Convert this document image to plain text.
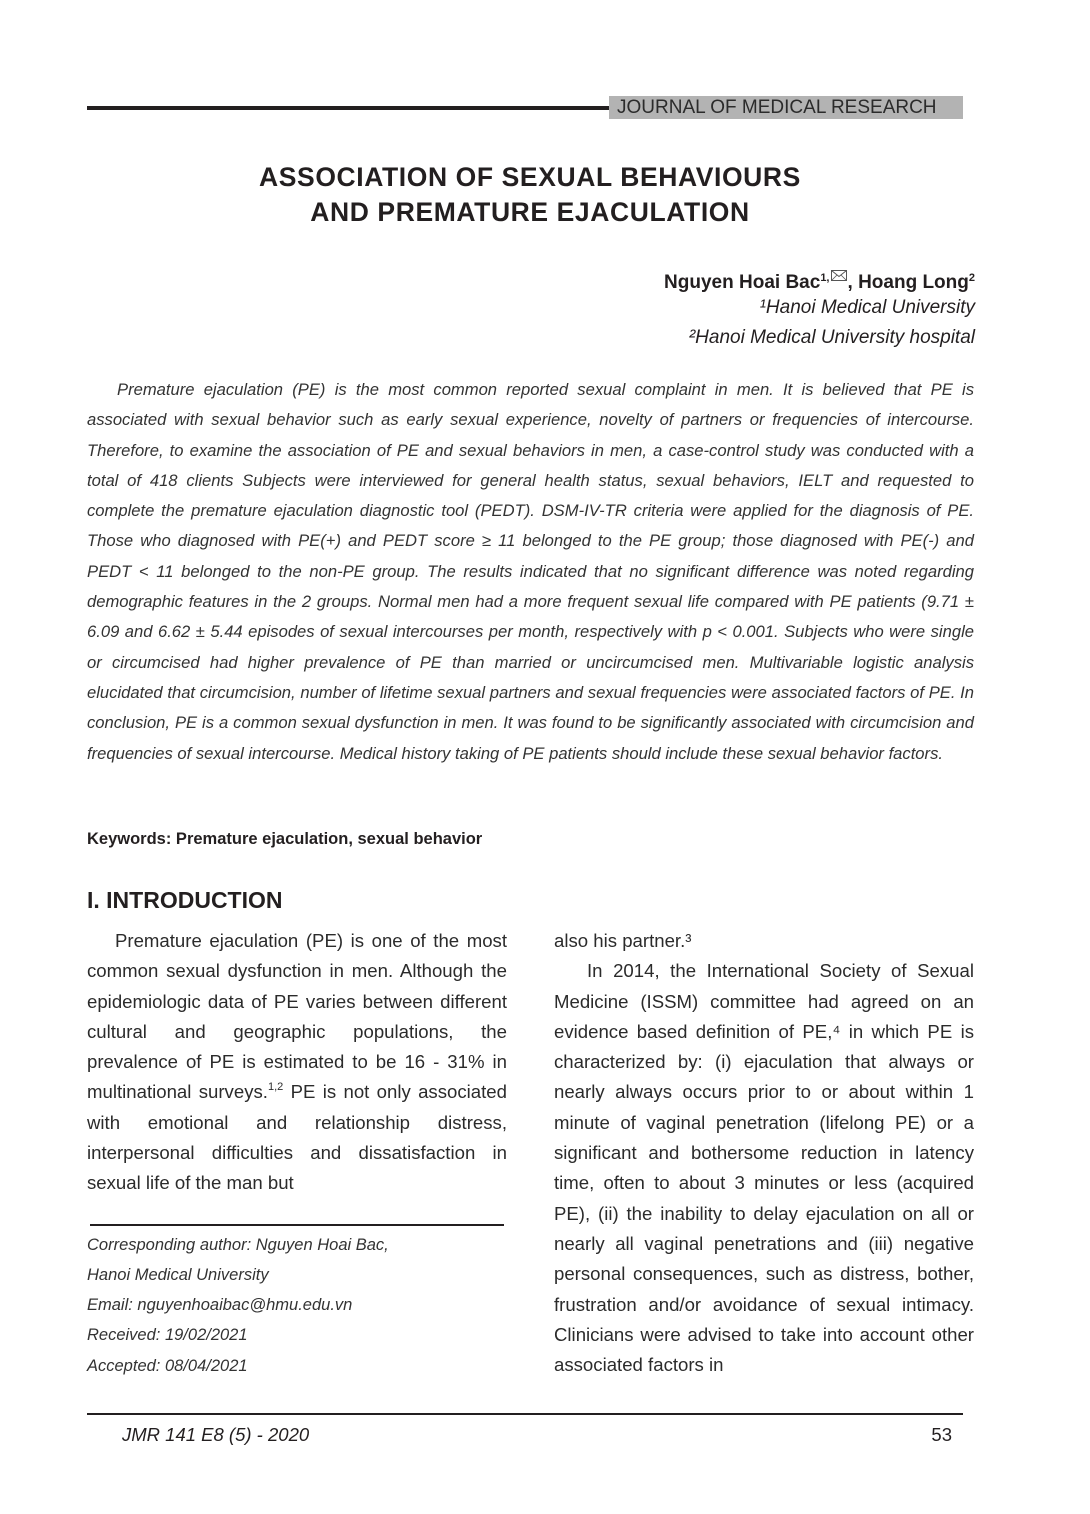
JOURNAL OF MEDICAL RESEARCH
ASSOCIATION OF SEXUAL BEHAVIOURS
AND PREMATURE EJACULATION
Nguyen Hoai Bac$^{1,}$ , Hoang Long$^2$
¹Hanoi Medical University
²Hanoi Medical University hospital

Premature ejaculation (PE) is the most common reported sexual complaint in men. It is believed that PE is associated with sexual behavior such as early sexual experience, novelty of partners or frequencies of intercourse. Therefore, to examine the association of PE and sexual behaviors in men, a case-control study was conducted with a total of 418 clients Subjects were interviewed for general health status, sexual behaviors, IELT and requested to complete the premature ejaculation diagnostic tool (PEDT). DSM-IV-TR criteria were applied for the diagnosis of PE. Those who diagnosed with PE(+) and PEDT score ≥ 11 belonged to the PE group; those diagnosed with PE(-) and PEDT < 11 belonged to the non-PE group. The results indicated that no significant difference was noted regarding demographic features in the 2 groups. Normal men had a more frequent sexual life compared with PE patients (9.71 ± 6.09 and 6.62 ± 5.44 episodes of sexual intercourses per month, respectively with p < 0.001. Subjects who were single or circumcised had higher prevalence of PE than married or uncircumcised men. Multivariable logistic analysis elucidated that circumcision, number of lifetime sexual partners and sexual frequencies were associated factors of PE. In conclusion, PE is a common sexual dysfunction in men. It was found to be significantly associated with circumcision and frequencies of sexual intercourse. Medical history taking of PE patients should include these sexual behavior factors.

Keywords: Premature ejaculation, sexual behavior
I. INTRODUCTION

Premature ejaculation (PE) is one of the most common sexual dysfunction in men. Although the epidemiologic data of PE varies between different cultural and geographic populations, the prevalence of PE is estimated to be 16 - 31% in multinational surveys.$^{1,2}$ PE is not only associated with emotional and relationship distress, interpersonal difficulties and dissatisfaction in sexual life of the man but

also his partner.³
In 2014, the International Society of Sexual Medicine (ISSM) committee had agreed on an evidence based definition of PE,⁴ in which PE is characterized by: (i) ejaculation that always or nearly always occurs prior to or about within 1 minute of vaginal penetration (lifelong PE) or a significant and bothersome reduction in latency time, often to about 3 minutes or less (acquired PE), (ii) the inability to delay ejaculation on all or nearly all vaginal penetrations and (iii) negative personal consequences, such as distress, bother, frustration and/or avoidance of sexual intimacy. Clinicians were advised to take into account other associated factors in
Corresponding author: Nguyen Hoai Bac,
Hanoi Medical University
Email: nguyenhoaibac@hmu.edu.vn
Received: 19/02/2021
Accepted: 08/04/2021
JMR 141 E8 (5) - 2020	53
